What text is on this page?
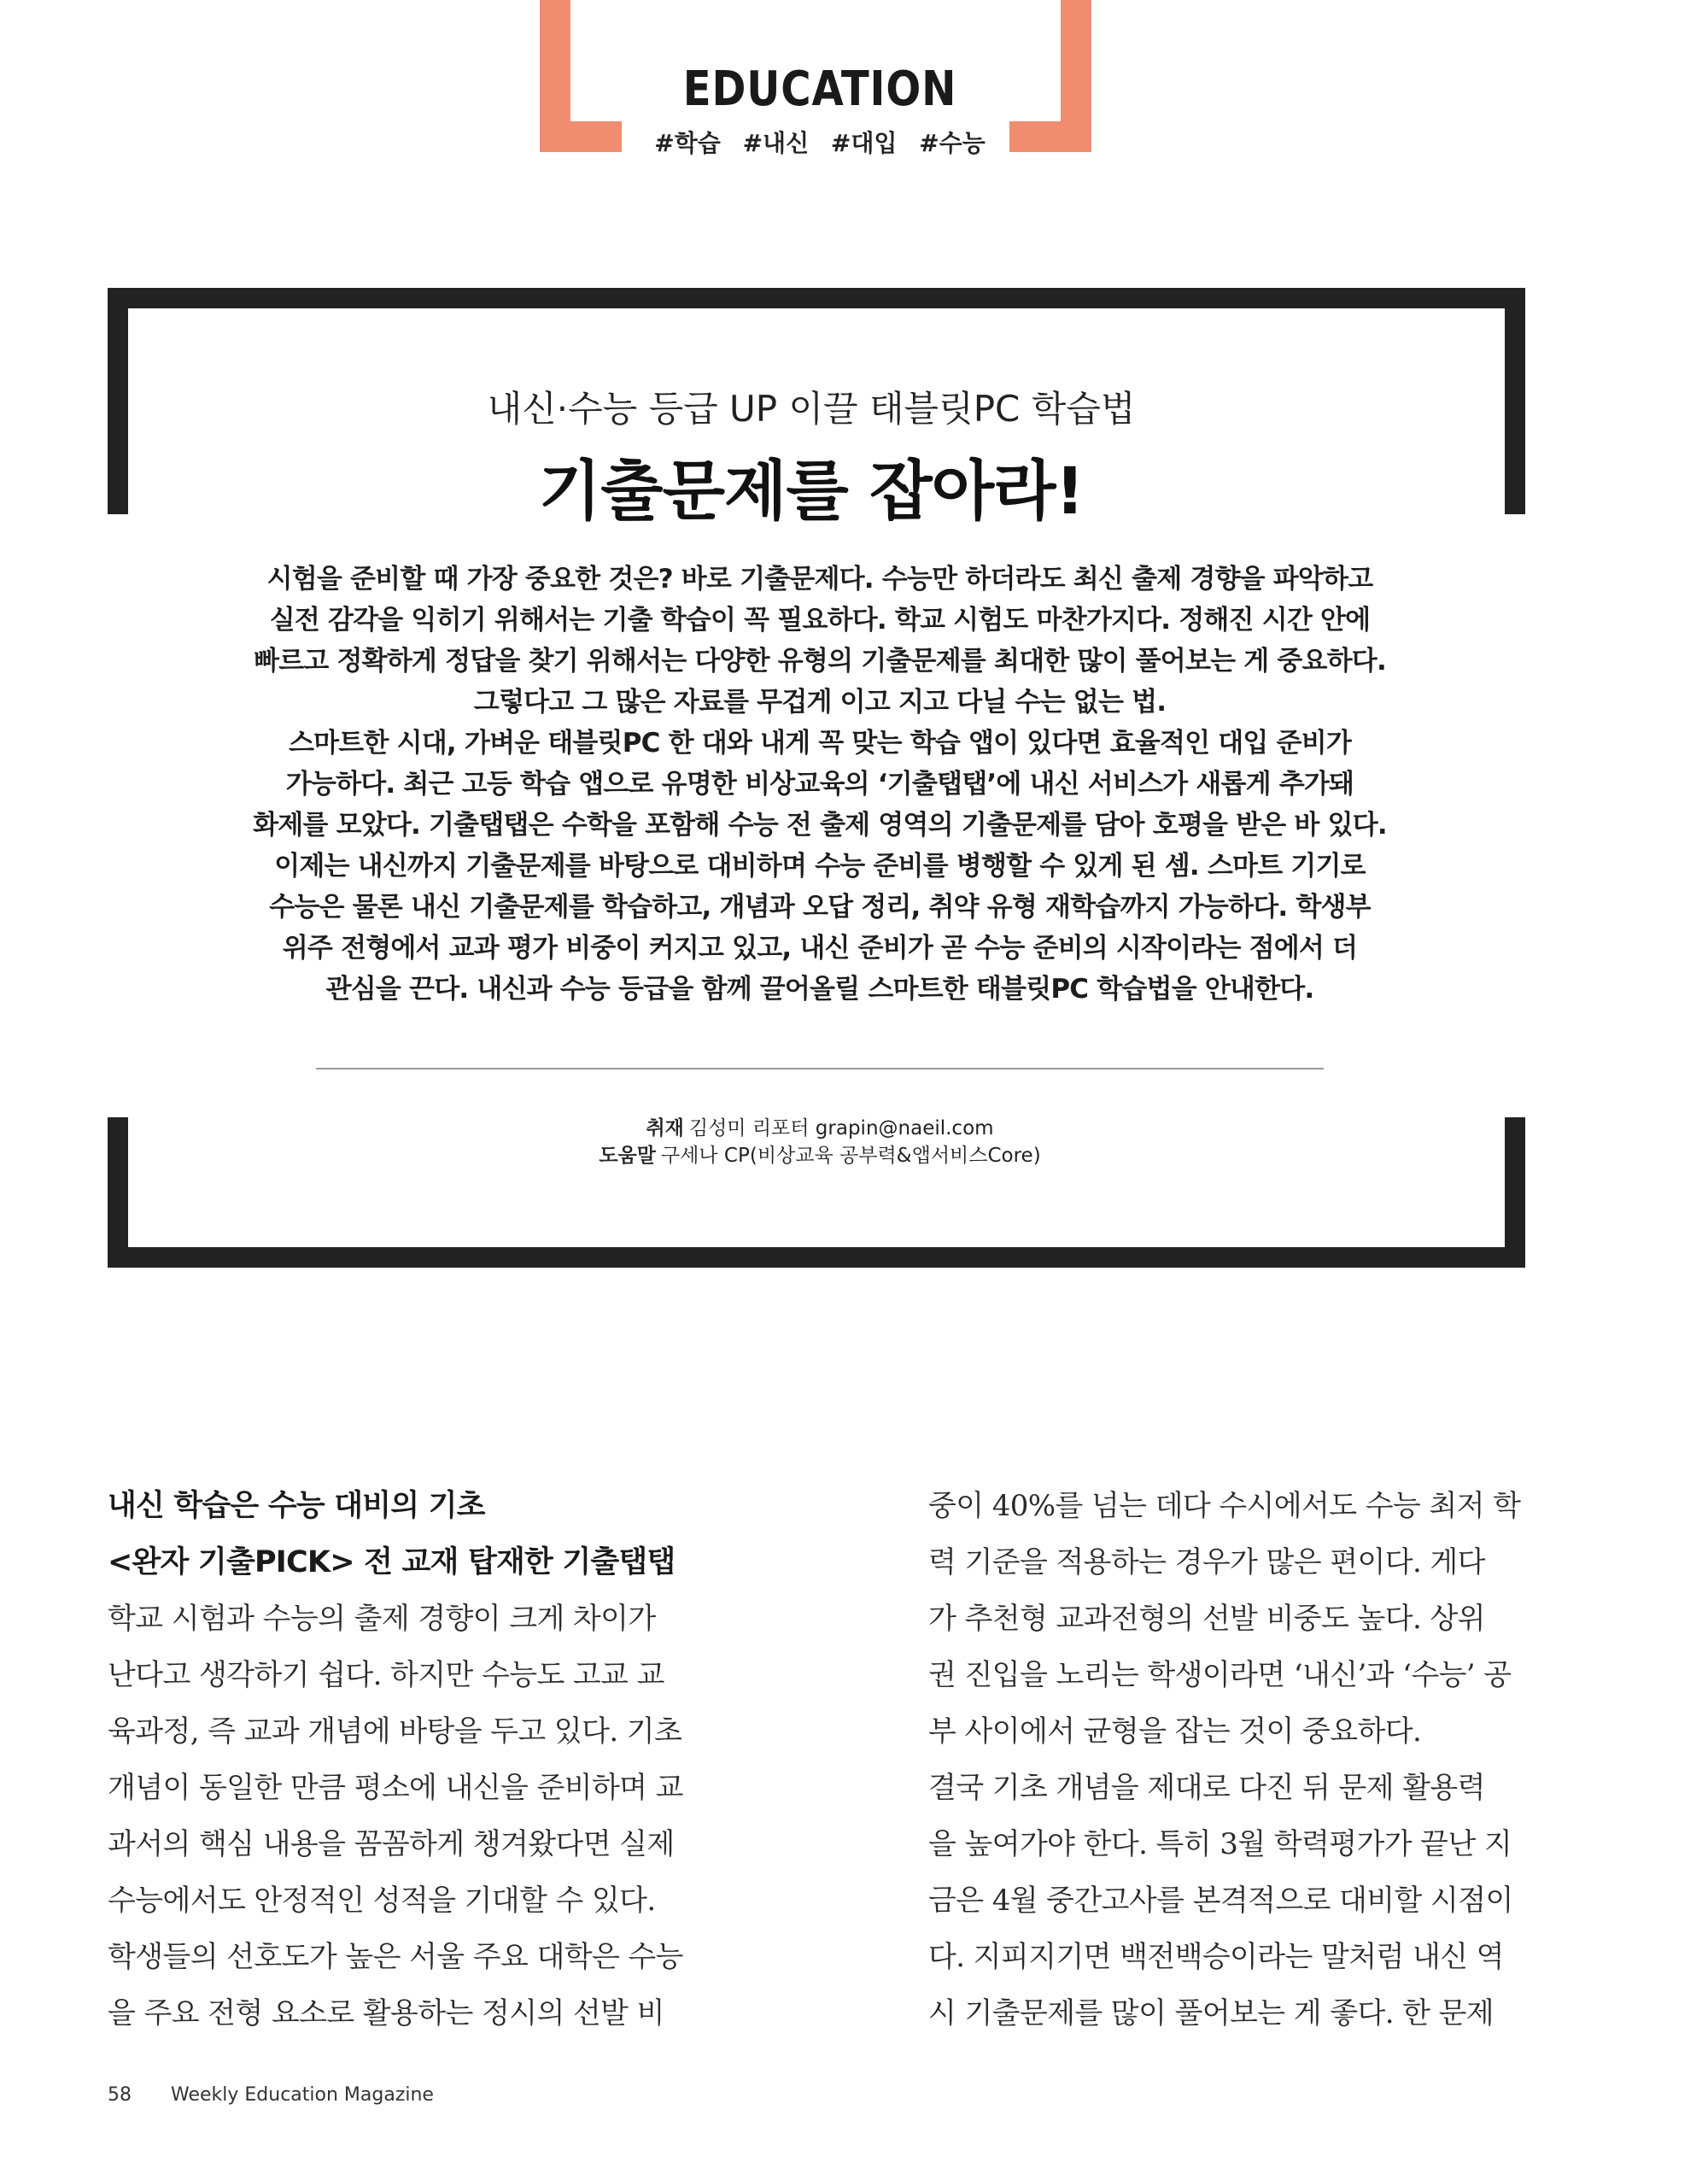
EDUCATION
#학습 #내신 #대입 #수능
내신·수능 등급 UP 이끌 태블릿PC 학습법
기출문제를 잡아라!
시험을 준비할 때 가장 중요한 것은? 바로 기출문제다. 수능만 하더라도 최신 출제 경향을 파악하고
실전 감각을 익히기 위해서는 기출 학습이 꼭 필요하다. 학교 시험도 마찬가지다. 정해진 시간 안에
빠르고 정확하게 정답을 찾기 위해서는 다양한 유형의 기출문제를 최대한 많이 풀어보는 게 중요하다.
그렇다고 그 많은 자료를 무겁게 이고 지고 다닐 수는 없는 법.
스마트한 시대, 가벼운 태블릿PC 한 대와 내게 꼭 맞는 학습 앱이 있다면 효율적인 대입 준비가
가능하다. 최근 고등 학습 앱으로 유명한 비상교육의 ‘기출탭탭’에 내신 서비스가 새롭게 추가돼
화제를 모았다. 기출탭탭은 수학을 포함해 수능 전 출제 영역의 기출문제를 담아 호평을 받은 바 있다.
이제는 내신까지 기출문제를 바탕으로 대비하며 수능 준비를 병행할 수 있게 된 셈. 스마트 기기로
수능은 물론 내신 기출문제를 학습하고, 개념과 오답 정리, 취약 유형 재학습까지 가능하다. 학생부
위주 전형에서 교과 평가 비중이 커지고 있고, 내신 준비가 곧 수능 준비의 시작이라는 점에서 더
관심을 끈다. 내신과 수능 등급을 함께 끌어올릴 스마트한 태블릿PC 학습법을 안내한다.
취재 김성미 리포터 grapin@naeil.com
도움말 구세나 CP(비상교육 공부력&앱서비스Core)
내신 학습은 수능 대비의 기초
<완자 기출PICK> 전 교재 탑재한 기출탭탭
학교 시험과 수능의 출제 경향이 크게 차이가
난다고 생각하기 쉽다. 하지만 수능도 고교 교
육과정, 즉 교과 개념에 바탕을 두고 있다. 기초
개념이 동일한 만큼 평소에 내신을 준비하며 교
과서의 핵심 내용을 꼼꼼하게 챙겨왔다면 실제
수능에서도 안정적인 성적을 기대할 수 있다.
학생들의 선호도가 높은 서울 주요 대학은 수능
을 주요 전형 요소로 활용하는 정시의 선발 비
중이 40%를 넘는 데다 수시에서도 수능 최저 학
력 기준을 적용하는 경우가 많은 편이다. 게다
가 추천형 교과전형의 선발 비중도 높다. 상위
권 진입을 노리는 학생이라면 ‘내신’과 ‘수능’ 공
부 사이에서 균형을 잡는 것이 중요하다.
결국 기초 개념을 제대로 다진 뒤 문제 활용력
을 높여가야 한다. 특히 3월 학력평가가 끝난 지
금은 4월 중간고사를 본격적으로 대비할 시점이
다. 지피지기면 백전백승이라는 말처럼 내신 역
시 기출문제를 많이 풀어보는 게 좋다. 한 문제
58 Weekly Education Magazine
